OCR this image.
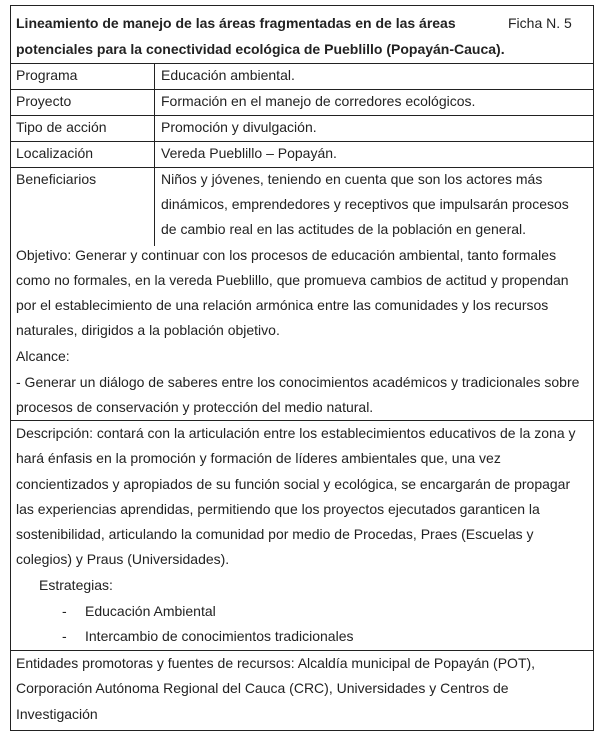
Lineamiento de manejo de las áreas fragmentadas en de las áreas
potenciales para la conectividad ecológica de Pueblillo (Popayán-Cauca).
Ficha N. 5
Programa	Educación ambiental.
Proyecto	Formación en el manejo de corredores ecológicos.
Tipo de acción	Promoción y divulgación.
Localización	Vereda Pueblillo – Popayán.
Beneficiarios	Niños y jóvenes, teniendo en cuenta que son los actores más
dinámicos, emprendedores y receptivos que impulsarán procesos
de cambio real en las actitudes de la población en general.
Objetivo: Generar y continuar con los procesos de educación ambiental, tanto formales
como no formales, en la vereda Pueblillo, que promueva cambios de actitud y propendan
por el establecimiento de una relación armónica entre las comunidades y los recursos
naturales, dirigidos a la población objetivo.
Alcance:
- Generar un diálogo de saberes entre los conocimientos académicos y tradicionales sobre
procesos de conservación y protección del medio natural.
Descripción: contará con la articulación entre los establecimientos educativos de la zona y
hará énfasis en la promoción y formación de líderes ambientales que, una vez
concientizados y apropiados de su función social y ecológica, se encargarán de propagar
las experiencias aprendidas, permitiendo que los proyectos ejecutados garanticen la
sostenibilidad, articulando la comunidad por medio de Procedas, Praes (Escuelas y
colegios) y Praus (Universidades).
Estrategias:
- Educación Ambiental
- Intercambio de conocimientos tradicionales
Entidades promotoras y fuentes de recursos: Alcaldía municipal de Popayán (POT),
Corporación Autónoma Regional del Cauca (CRC), Universidades y Centros de
Investigación
